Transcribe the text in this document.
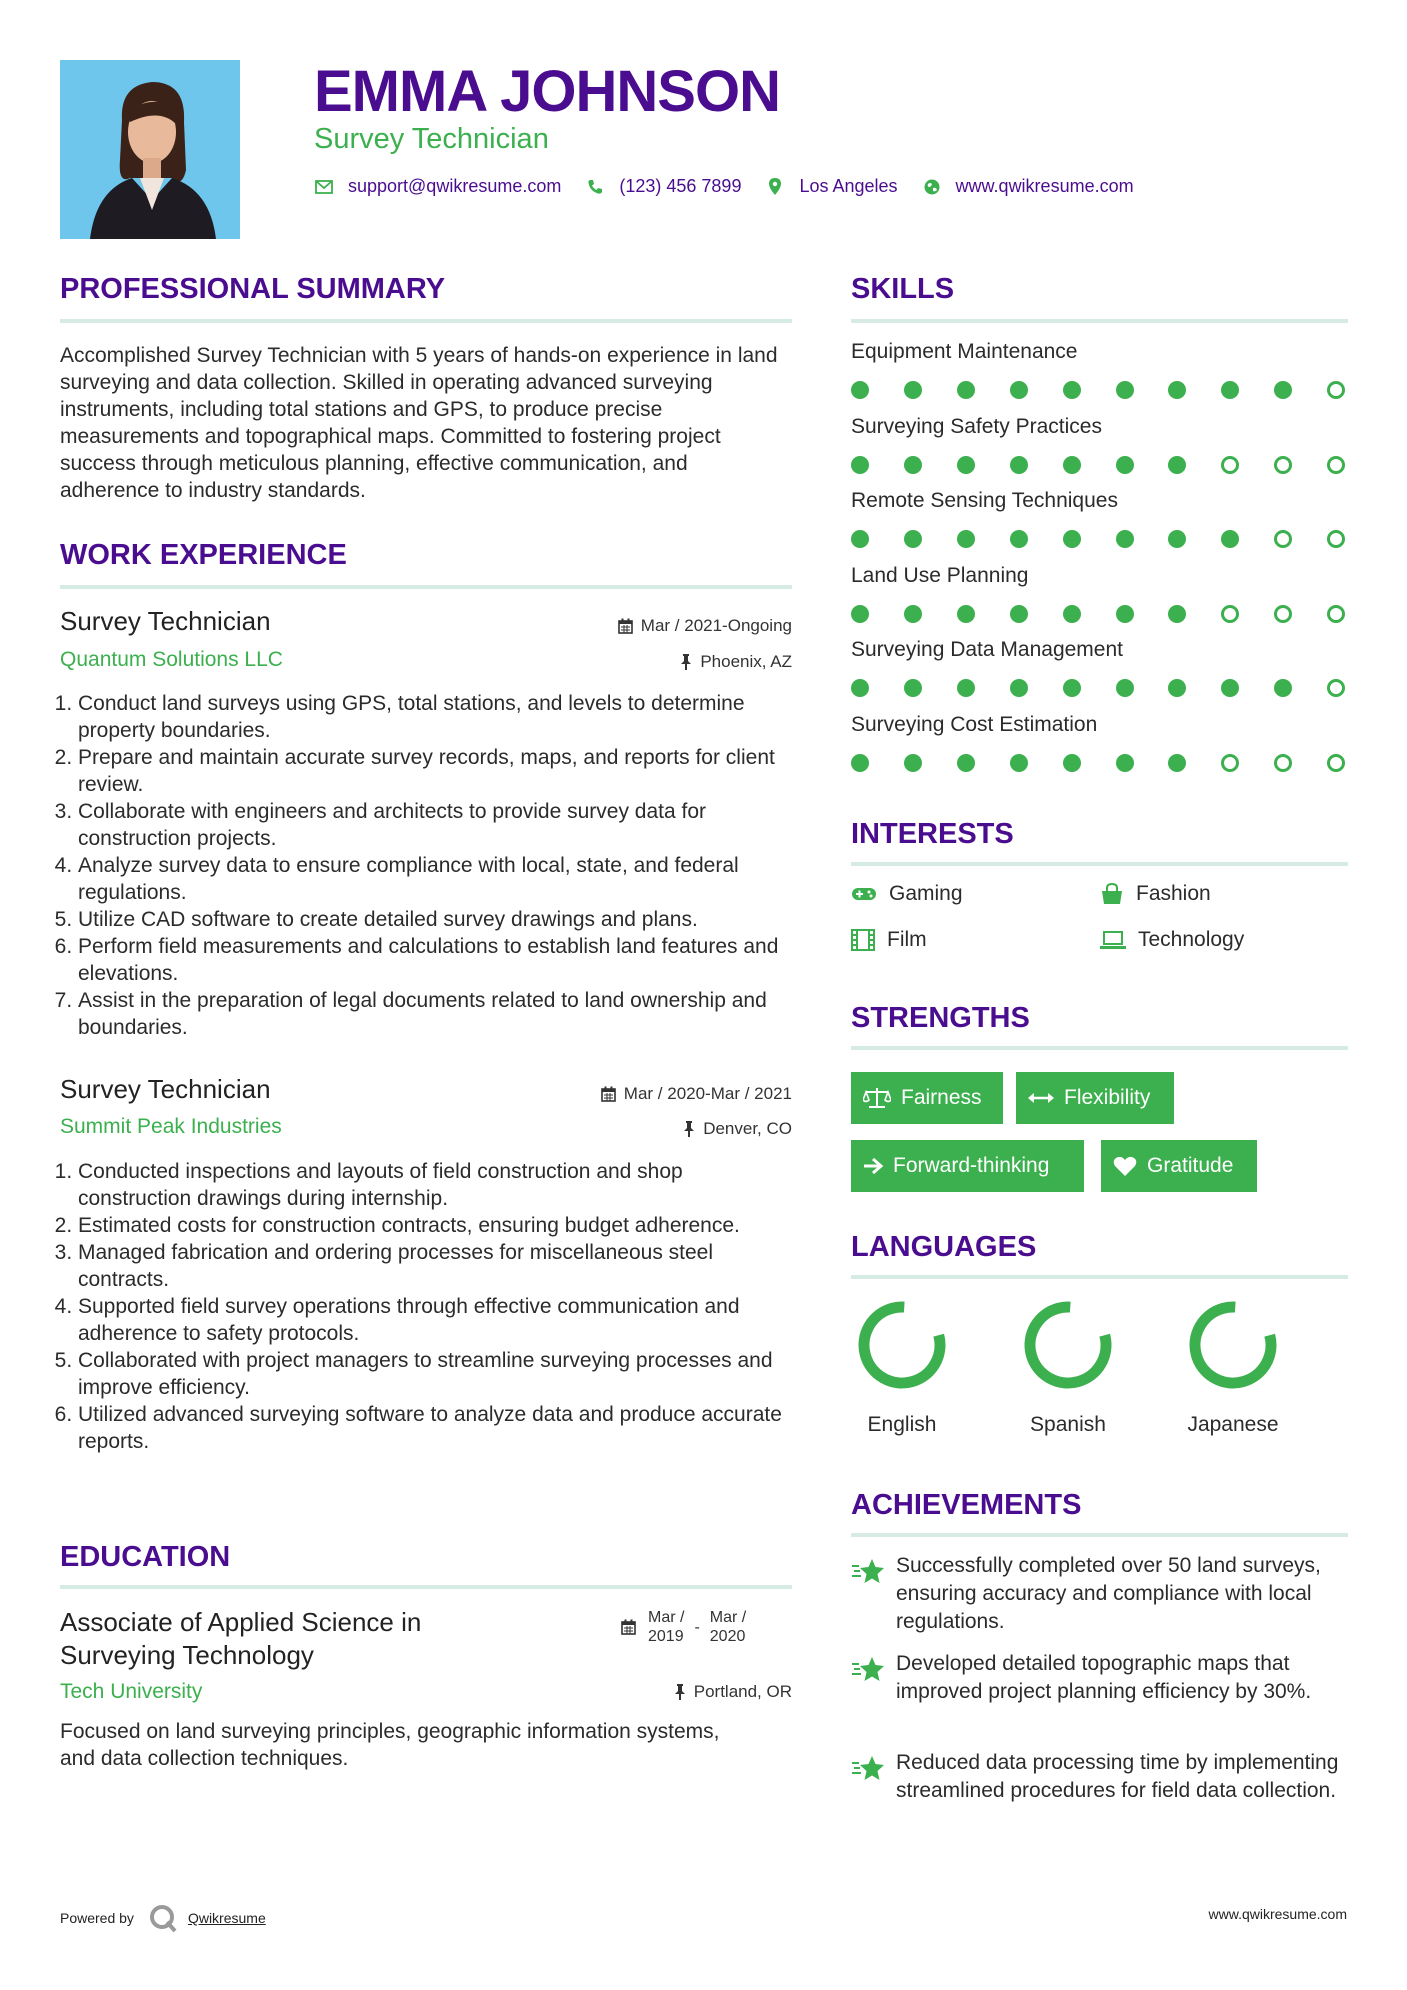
EMMA JOHNSON
Survey Technician
support@qwikresume.com	(123) 456 7899	Los Angeles	www.qwikresume.com
PROFESSIONAL SUMMARY
Accomplished Survey Technician with 5 years of hands-on experience in land surveying and data collection. Skilled in operating advanced surveying instruments, including total stations and GPS, to produce precise measurements and topographical maps. Committed to fostering project success through meticulous planning, effective communication, and adherence to industry standards.
WORK EXPERIENCE
Survey Technician	Mar / 2021-Ongoing
Quantum Solutions LLC	Phoenix, AZ
1. Conduct land surveys using GPS, total stations, and levels to determine property boundaries.
2. Prepare and maintain accurate survey records, maps, and reports for client review.
3. Collaborate with engineers and architects to provide survey data for construction projects.
4. Analyze survey data to ensure compliance with local, state, and federal regulations.
5. Utilize CAD software to create detailed survey drawings and plans.
6. Perform field measurements and calculations to establish land features and elevations.
7. Assist in the preparation of legal documents related to land ownership and boundaries.
Survey Technician	Mar / 2020-Mar / 2021
Summit Peak Industries	Denver, CO
1. Conducted inspections and layouts of field construction and shop construction drawings during internship.
2. Estimated costs for construction contracts, ensuring budget adherence.
3. Managed fabrication and ordering processes for miscellaneous steel contracts.
4. Supported field survey operations through effective communication and adherence to safety protocols.
5. Collaborated with project managers to streamline surveying processes and improve efficiency.
6. Utilized advanced surveying software to analyze data and produce accurate reports.
EDUCATION
Associate of Applied Science in
Surveying Technology
Mar /
2019
-
Mar /
2020
Tech University	Portland, OR
Focused on land surveying principles, geographic information systems, and data collection techniques.
SKILLS
Equipment Maintenance
Surveying Safety Practices
Remote Sensing Techniques
Land Use Planning
Surveying Data Management
Surveying Cost Estimation
INTERESTS
Gaming	Fashion
Film	Technology
STRENGTHS
Fairness	Flexibility
Forward-thinking	Gratitude
LANGUAGES
English	Spanish	Japanese
ACHIEVEMENTS
Successfully completed over 50 land surveys, ensuring accuracy and compliance with local regulations.
Developed detailed topographic maps that improved project planning efficiency by 30%.
Reduced data processing time by implementing streamlined procedures for field data collection.
Powered by	Qwikresume	www.qwikresume.com
